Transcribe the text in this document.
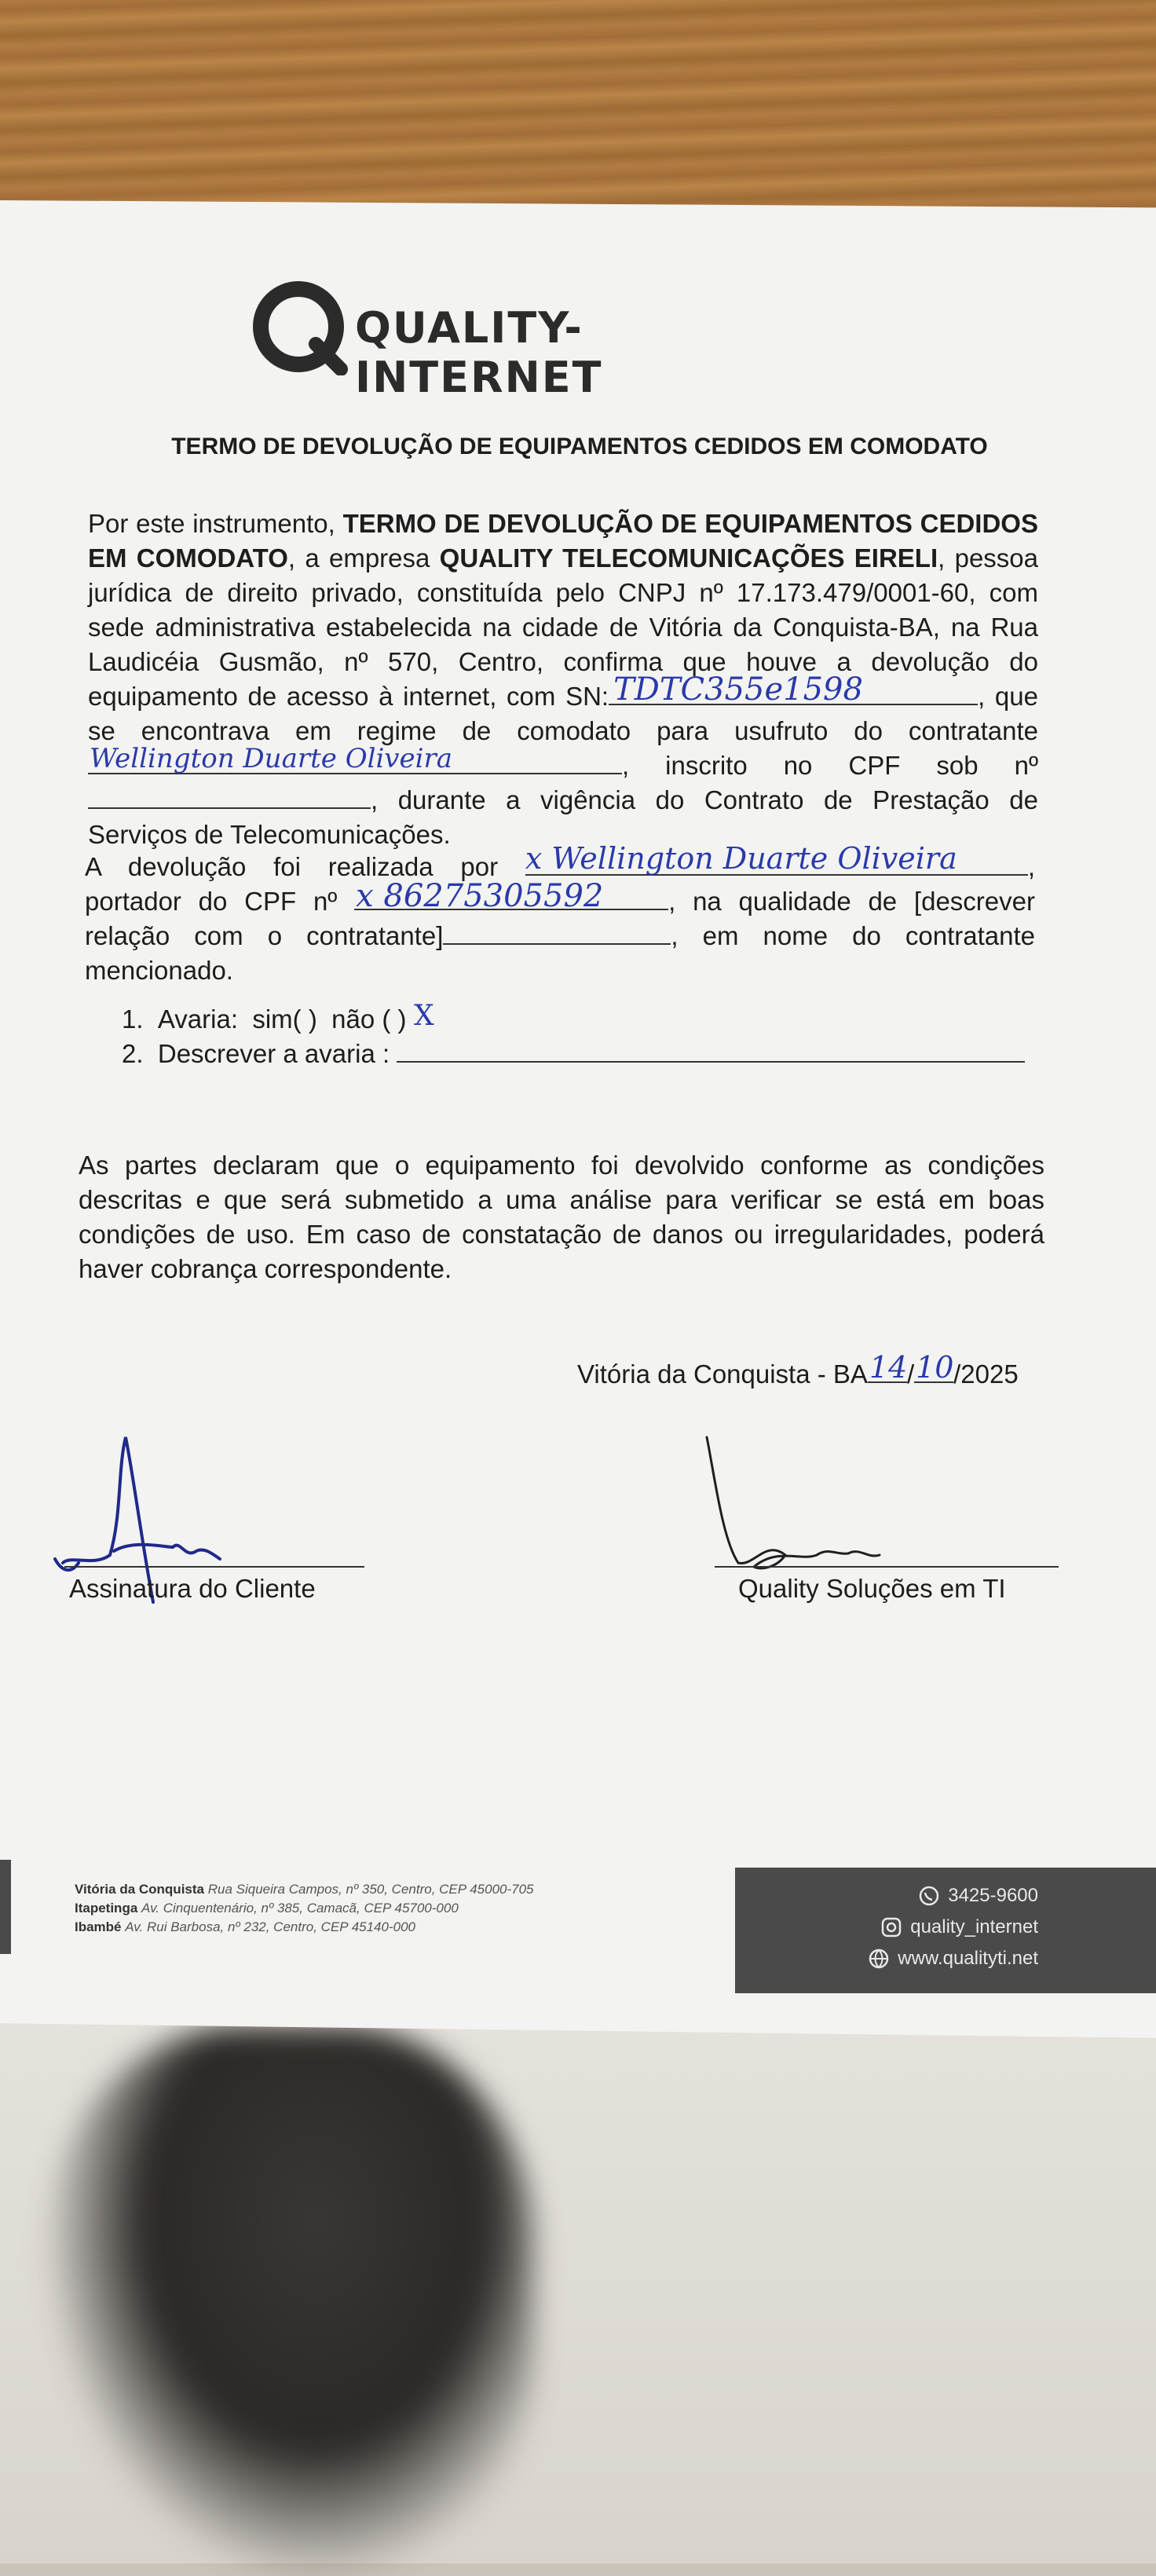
QUALITY-INTERNET
TERMO DE DEVOLUÇÃO DE EQUIPAMENTOS CEDIDOS EM COMODATO
Por este instrumento, TERMO DE DEVOLUÇÃO DE EQUIPAMENTOS CEDIDOS EM COMODATO, a empresa QUALITY TELECOMUNICAÇÕES EIRELI, pessoa jurídica de direito privado, constituída pelo CNPJ nº 17.173.479/0001-60, com sede administrativa estabelecida na cidade de Vitória da Conquista-BA, na Rua Laudicéia Gusmão, nº 570, Centro, confirma que houve a devolução do equipamento de acesso à internet, com SN: TDTC355e1598	, que se encontrava em regime de comodato para usufruto do contratante
Wellington Duarte Oliveira	, inscrito no CPF sob nº , durante a vigência do Contrato de Prestação de Serviços de Telecomunicações.
A devolução foi realizada por x Wellington Duarte Oliveira	, portador do CPF nº x 86275305592	, na qualidade de [descrever relação com o contratante]	, em nome do contratante mencionado.
1. Avaria: sim( ) não ( ) X
2. Descrever a avaria :
As partes declaram que o equipamento foi devolvido conforme as condições descritas e que será submetido a uma análise para verificar se está em boas condições de uso. Em caso de constatação de danos ou irregularidades, poderá haver cobrança correspondente.
Vitória da Conquista - BA 14 / 10 /2025
Assinatura do Cliente	Quality Soluções em TI
Vitória da Conquista Rua Siqueira Campos, nº 350, Centro, CEP 45000-705
Itapetinga Av. Cinquentenário, nº 385, Camacã, CEP 45700-000
Ibambé Av. Rui Barbosa, nº 232, Centro, CEP 45140-000
3425-9600
quality_internet
www.qualityti.net
